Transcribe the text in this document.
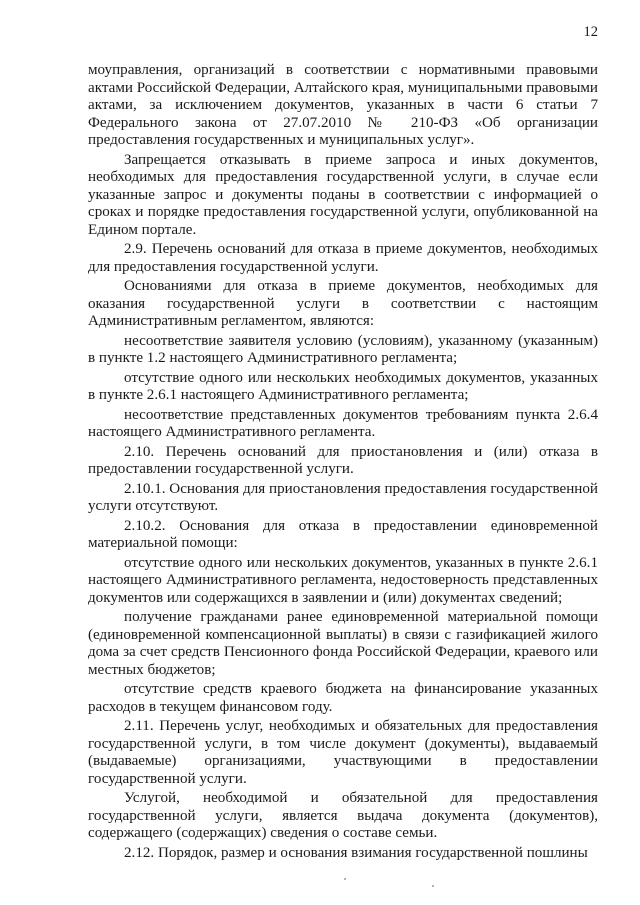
12

моуправления, организаций в соответствии с нормативными правовыми актами Российской Федерации, Алтайского края, муниципальными правовыми актами, за исключением документов, указанных в части 6 статьи 7 Федерального закона от 27.07.2010 № 210-ФЗ «Об организации предоставления государственных и муниципальных услуг».

Запрещается отказывать в приеме запроса и иных документов, необходимых для предоставления государственной услуги, в случае если указанные запрос и документы поданы в соответствии с информацией о сроках и порядке предоставления государственной услуги, опубликованной на Едином портале.

2.9. Перечень оснований для отказа в приеме документов, необходимых для предоставления государственной услуги.

Основаниями для отказа в приеме документов, необходимых для оказания государственной услуги в соответствии с настоящим Административным регламентом, являются:

несоответствие заявителя условию (условиям), указанному (указанным) в пункте 1.2 настоящего Административного регламента;

отсутствие одного или нескольких необходимых документов, указанных в пункте 2.6.1 настоящего Административного регламента;

несоответствие представленных документов требованиям пункта 2.6.4 настоящего Административного регламента.

2.10. Перечень оснований для приостановления и (или) отказа в предоставлении государственной услуги.

2.10.1. Основания для приостановления предоставления государственной услуги отсутствуют.

2.10.2. Основания для отказа в предоставлении единовременной материальной помощи:

отсутствие одного или нескольких документов, указанных в пункте 2.6.1 настоящего Административного регламента, недостоверность представленных документов или содержащихся в заявлении и (или) документах сведений;

получение гражданами ранее единовременной материальной помощи (единовременной компенсационной выплаты) в связи с газификацией жилого дома за счет средств Пенсионного фонда Российской Федерации, краевого или местных бюджетов;

отсутствие средств краевого бюджета на финансирование указанных расходов в текущем финансовом году.

2.11. Перечень услуг, необходимых и обязательных для предоставления государственной услуги, в том числе документ (документы), выдаваемый (выдаваемые) организациями, участвующими в предоставлении государственной услуги.

Услугой, необходимой и обязательной для предоставления государственной услуги, является выдача документа (документов), содержащего (содержащих) сведения о составе семьи.

2.12. Порядок, размер и основания взимания государственной пошлины
